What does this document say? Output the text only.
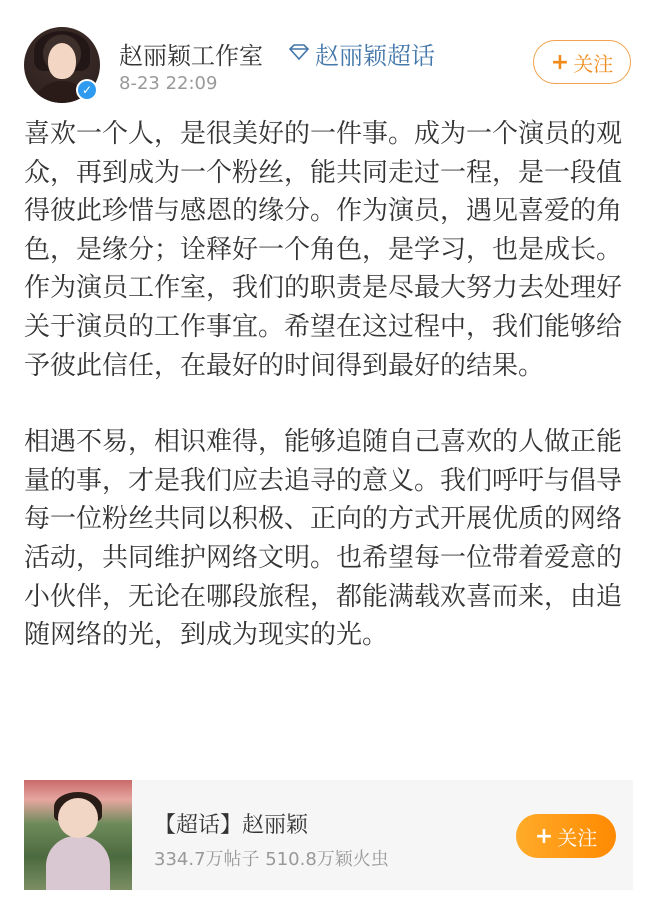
✓
赵丽颖工作室 赵丽颖超话
8-23 22:09
+ 关注

喜欢一个人，是很美好的一件事。成为一个演员的观众，再到成为一个粉丝，能共同走过一程，是一段值得彼此珍惜与感恩的缘分。作为演员，遇见喜爱的角色，是缘分；诠释好一个角色，是学习，也是成长。作为演员工作室，我们的职责是尽最大努力去处理好关于演员的工作事宜。希望在这过程中，我们能够给予彼此信任，在最好的时间得到最好的结果。

相遇不易，相识难得，能够追随自己喜欢的人做正能量的事，才是我们应去追寻的意义。我们呼吁与倡导每一位粉丝共同以积极、正向的方式开展优质的网络活动，共同维护网络文明。也希望每一位带着爱意的小伙伴，无论在哪段旅程，都能满载欢喜而来，由追随网络的光，到成为现实的光。

【超话】赵丽颖
334.7万帖子 510.8万颖火虫
+ 关注
